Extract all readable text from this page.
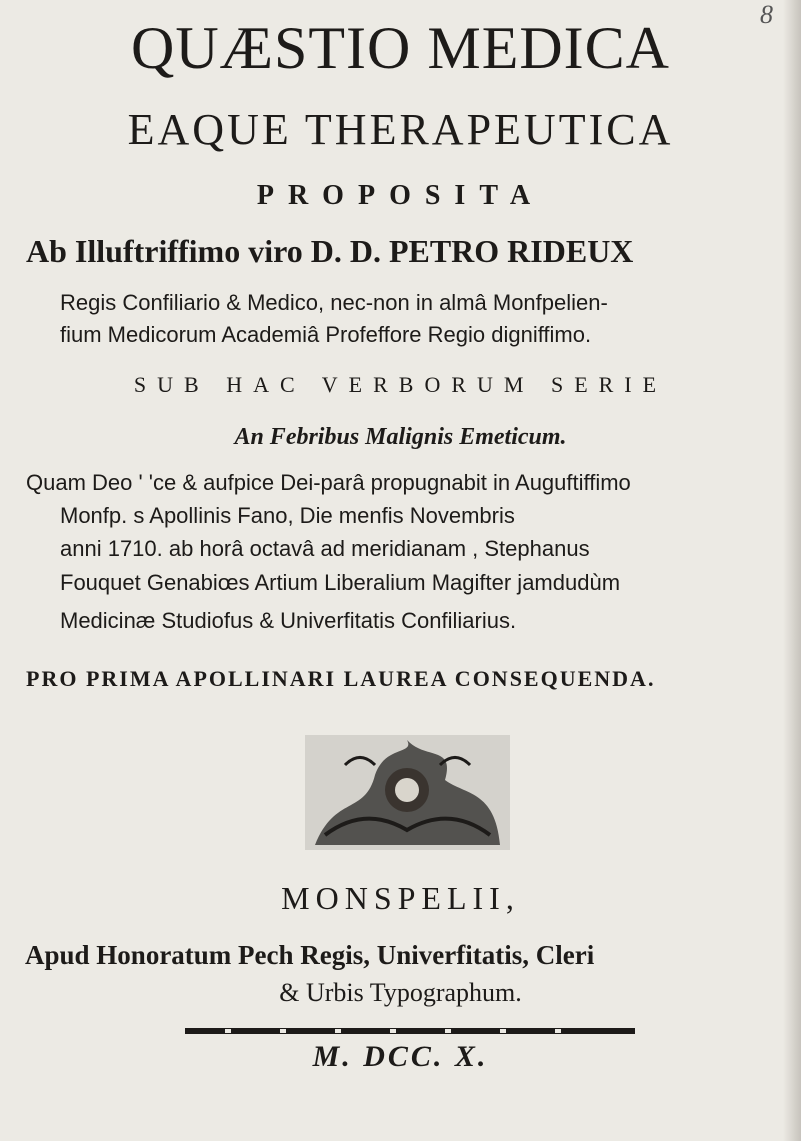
8
QUÆSTIO MEDICA
EAQUE THERAPEUTICA
PROPOSITA
Ab Illuftriffimo viro D. D. PETRO RIDEUX
Regis Confiliario & Medico, nec-non in almâ Monfpelien-
fium Medicorum Academiâ Profeffore Regio digniffimo.
SUB HAC VERBORUM SERIE
An Febribus Malignis Emeticum.
Quam Deo ' 'ce & aufpice Dei-parâ propugnabit in Auguftiffimo
Monfp. s Apollinis Fano, Die menfis Novembris
anni 1710. ab horâ octavâ ad meridianam , Stephanus
Fouquet Genabiœs Artium Liberalium Magifter jamdudùm
Medicinæ Studiofus & Univerfitatis Confiliarius.
PRO PRIMA APOLLINARI LAUREA CONSEQUENDA.
MONSPELII,
Apud Honoratum Pech Regis, Univerfitatis, Cleri
& Urbis Typographum.
M. DCC. X.
